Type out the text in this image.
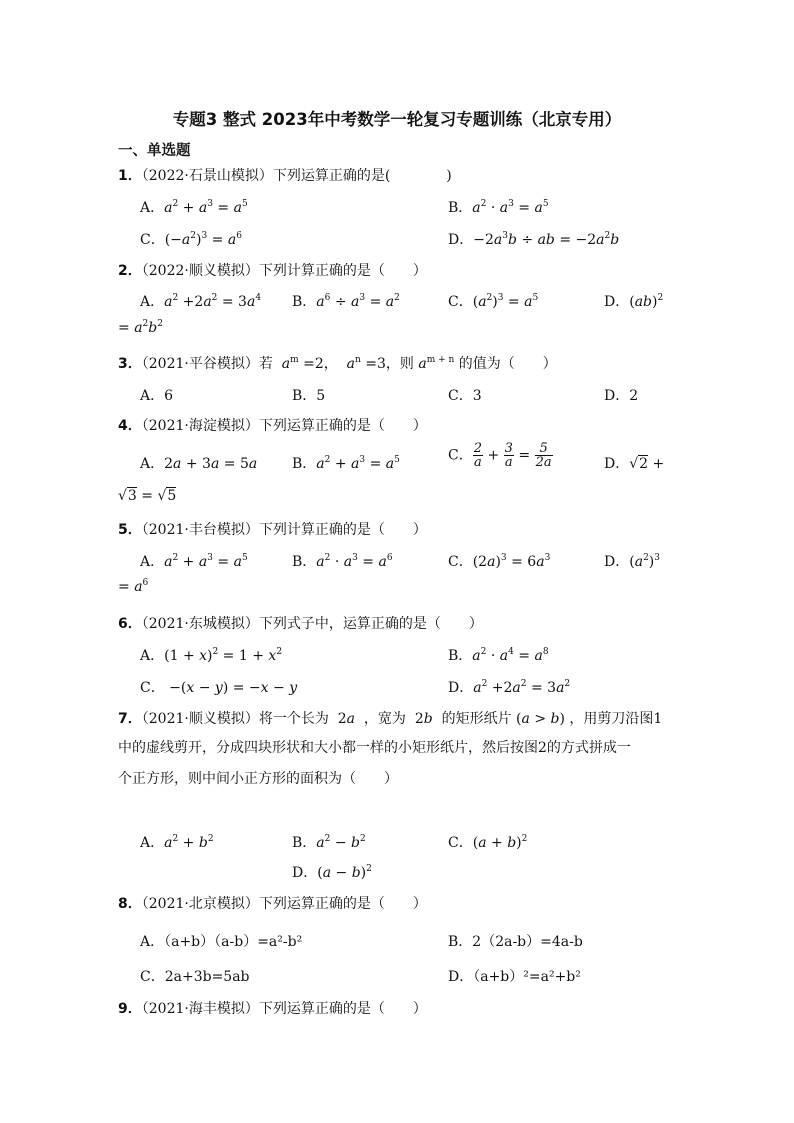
专题3 整式 2023年中考数学一轮复习专题训练（北京专用）
一、单选题
1．（2022·石景山模拟）下列运算正确的是(　　　　)
A．$a^2 + a^3 = a^5$	B．$a^2 \cdot a^3 = a^5$
C．$(-a^2)^3 = a^6$	D．$-2a^3b$ ÷ ab = $-2a^2b$
2．（2022·顺义模拟）下列计算正确的是（　　）
A．$a^2 +2a^2 = 3a^4$ B．$a^6 \div a^3 = a^2$	C．$(a^2)^3 = a^5$	D．(ab)$^2$
= $a^2b^2$
3．（2021·平谷模拟）若 $a^m =2$，  $a^n =3$，则 $a^{m + n}$ 的值为（　　）
A．6	B．5	C．3	D．2
4．（2021·海淀模拟）下列运算正确的是（　　）
A．2a + 3a = 5a B．$a^2 + a^3 = a^5$	C． $\frac{2}{a} + \frac{3}{a} = \frac{5}{2a}$	D．√2 +
√3 = √5
5．（2021·丰台模拟）下列计算正确的是（　　）
A．$a^2 + a^3 = a^5$	B．$a^2 \cdot a^3 = a^6$	C．$(2a)^3 = 6a^3$	D．$(a^2)^3$
= $a^6$
6．（2021·东城模拟）下列式子中，运算正确的是（　　）
A．$(1 + x)^2 = 1 + x^2$	B．$a^2 \cdot a^4 = a^8$
C． −(x − y) = −x − y	D．$a^2 +2a^2 = 3a^2$
7．（2021·顺义模拟）将一个长为  2a ，宽为  2b 的矩形纸片 (a > b) ，用剪刀沿图1
中的虚线剪开，分成四块形状和大小都一样的小矩形纸片，然后按图2的方式拼成一
个正方形，则中间小正方形的面积为（　　）
A．$a^2 + b^2$	B．$a^2 - b^2$	C．$(a + b)^2$
D．$(a - b)^2$
8．（2021·北京模拟）下列运算正确的是（　　）
A．（a+b）（a-b）=a²-b²	B．2（2a-b）=4a-b
C．2a+3b=5ab	D．（a+b）²=a²+b²
9．（2021·海丰模拟）下列运算正确的是（　　）
